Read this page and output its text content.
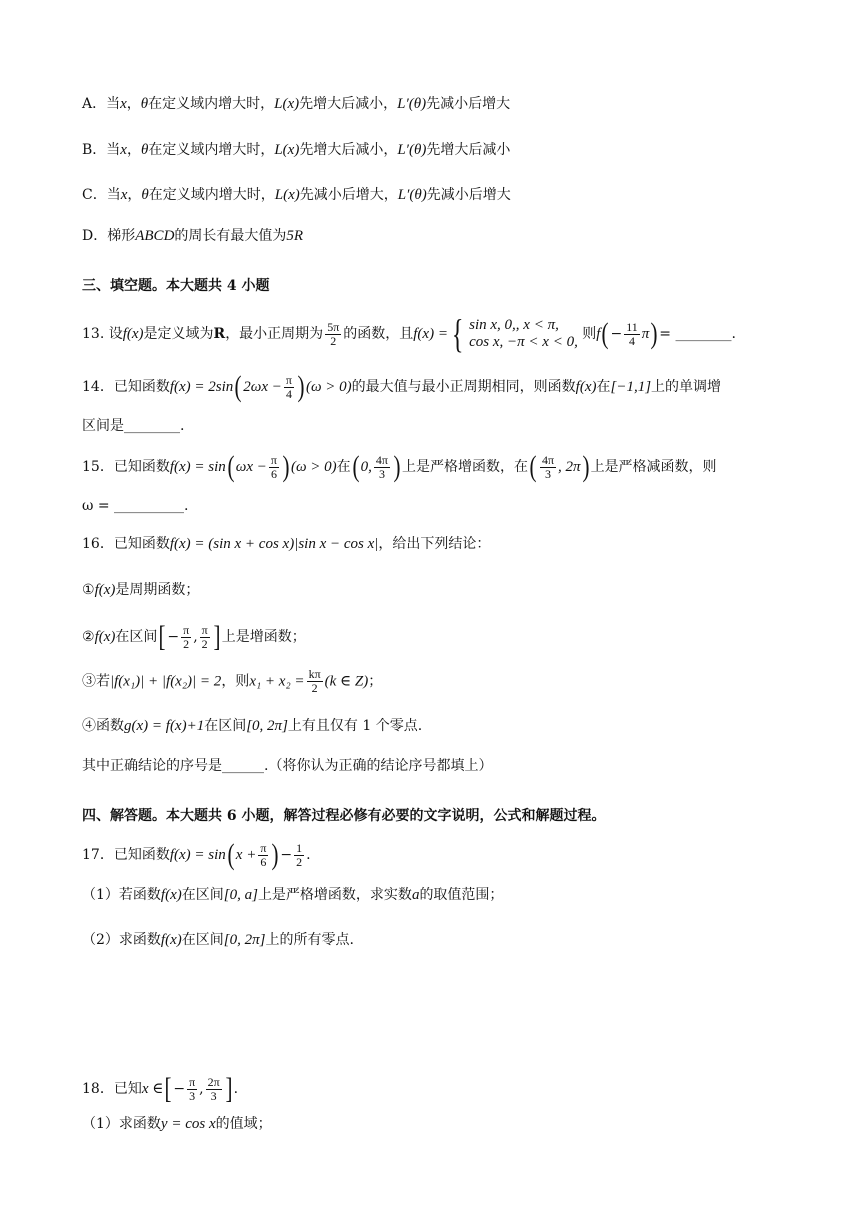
A．当x，θ在定义域内增大时，L(x)先增大后减小，L′(θ)先减小后增大
B．当x，θ在定义域内增大时，L(x)先增大后减小，L′(θ)先增大后减小
C．当x，θ在定义域内增大时，L(x)先减小后增大，L′(θ)先减小后增大
D．梯形ABCD的周长有最大值为5R
三、填空题。本大题共 4 小题
13. 设f(x)是定义域为R，最小正周期为 $\frac{5\pi}{2}$ 的函数，且f(x) ={ sin x, 0,, x < π,
cos x, −π < x < 0, 则$f( - \frac{11}{4} \pi)$ = ________.
14．已知函数f(x) = 2sin( $2\omega x - \frac{\pi}{4}$ ) (ω > 0)的最大值与最小正周期相同，则函数f(x)在[−1,1]上的单调增
区间是________.
15．已知函数f(x) = sin( $\omega x - \frac{\pi}{6}$ ) (ω > 0)在( 0, $\frac{4\pi}{3}$ ) 上是严格增函数，在( $\frac{4\pi}{3}$ , 2π) 上是严格减函数，则
ω = __________.
16．已知函数f(x) = (sin x + cos x)|sin x − cos x|，给出下列结论：
①f(x)是周期函数；
②f(x)在区间[ − $\frac{\pi}{2}$ , $\frac{\pi}{2}$ ] 上是增函数；
③若|f(x₁)| + |f(x₂)| = 2，则$x_1 + x_2 = \frac{k\pi}{2} (k$ ∈ Z)；
④函数g(x) = f(x)+1在区间[0, 2π]上有且仅有 1 个零点.
其中正确结论的序号是______.（将你认为正确的结论序号都填上）
四、解答题。本大题共 6 小题，解答过程必修有必要的文字说明，公式和解题过程。
17．已知函数f(x) = sin( $x + \frac{\pi}{6}$ ) − $\frac{1}{2}$ .
（1）若函数f(x)在区间[0, a]上是严格增函数，求实数a的取值范围；
（2）求函数f(x)在区间[0, 2π]上的所有零点.
18．已知x ∈[ − $\frac{\pi}{3}$ , $\frac{2\pi}{3}$ ] .
（1）求函数y = cos x的值域；
